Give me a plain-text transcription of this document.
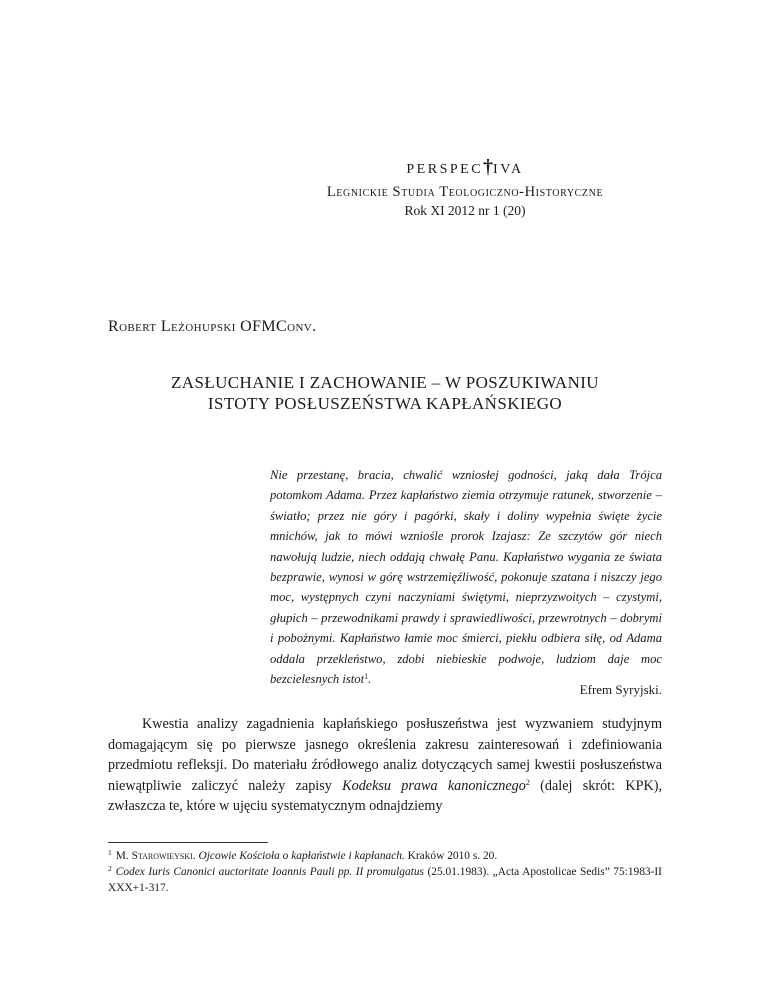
perspec†iva
Legnickie Studia Teologiczno-Historyczne
Rok XI 2012 nr 1 (20)
Robert Leżohupski OFMConv.
ZASŁUCHANIE I ZACHOWANIE – W POSZUKIWANIU
ISTOTY POSŁUSZEŃSTWA KAPŁAŃSKIEGO
Nie przestanę, bracia, chwalić wzniosłej godności, jaką dała Trójca potomkom Adama. Przez kapłaństwo ziemia otrzymuje ratunek, stworzenie – światło; przez nie góry i pagórki, skały i doliny wypełnia święte życie mnichów, jak to mówi wzniośle prorok Izajasz: Ze szczytów gór niech nawołują ludzie, niech oddają chwałę Panu. Kapłaństwo wygania ze świata bezprawie, wynosi w górę wstrzemięźliwość, pokonuje szatana i niszczy jego moc, występnych czyni naczyniami świętymi, nieprzyzwoitych – czystymi, głupich – przewodnikami prawdy i sprawiedliwości, przewrotnych – dobrymi i pobożnymi. Kapłaństwo łamie moc śmierci, piekłu odbiera siłę, od Adama oddala przekleństwo, zdobi niebieskie podwoje, ludziom daje moc bezcielesnych istot$^1$.
Efrem Syryjski.

Kwestia analizy zagadnienia kapłańskiego posłuszeństwa jest wyzwaniem studyjnym domagającym się po pierwsze jasnego określenia zakresu zainteresowań i zdefiniowania przedmiotu refleksji. Do materiału źródłowego analiz dotyczących samej kwestii posłuszeństwa niewątpliwie zaliczyć należy zapisy Kodeksu prawa kanonicznego$^2$ (dalej skrót: KPK), zwłaszcza te, które w ujęciu systematycznym odnajdziemy

$^1$ M. Starowieyski. Ojcowie Kościoła o kapłaństwie i kapłanach. Kraków 2010 s. 20.

$^2$ Codex Iuris Canonici auctoritate Ioannis Pauli pp. II promulgatus (25.01.1983). „Acta Apostolicae Sedis” 75:1983-II XXX+1-317.
